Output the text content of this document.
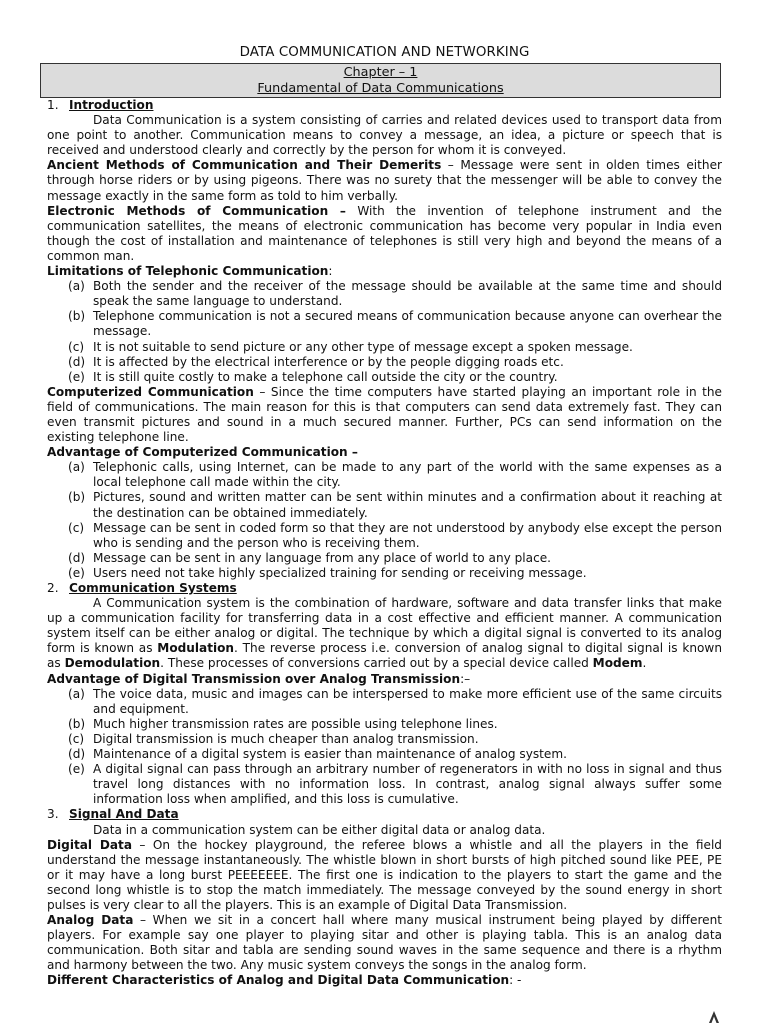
DATA COMMUNICATION AND NETWORKING
Chapter – 1
Fundamental of Data Communications
1. Introduction
Data Communication is a system consisting of carries and related devices used to transport data from one point to another. Communication means to convey a message, an idea, a picture or speech that is received and understood clearly and correctly by the person for whom it is conveyed.
Ancient Methods of Communication and Their Demerits – Message were sent in olden times either through horse riders or by using pigeons. There was no surety that the messenger will be able to convey the message exactly in the same form as told to him verbally.
Electronic Methods of Communication – With the invention of telephone instrument and the communication satellites, the means of electronic communication has become very popular in India even though the cost of installation and maintenance of telephones is still very high and beyond the means of a common man.
Limitations of Telephonic Communication:
(a) Both the sender and the receiver of the message should be available at the same time and should speak the same language to understand.
(b) Telephone communication is not a secured means of communication because anyone can overhear the message.
(c) It is not suitable to send picture or any other type of message except a spoken message.
(d) It is affected by the electrical interference or by the people digging roads etc.
(e) It is still quite costly to make a telephone call outside the city or the country.
Computerized Communication – Since the time computers have started playing an important role in the field of communications. The main reason for this is that computers can send data extremely fast. They can even transmit pictures and sound in a much secured manner. Further, PCs can send information on the existing telephone line.
Advantage of Computerized Communication –
(a) Telephonic calls, using Internet, can be made to any part of the world with the same expenses as a local telephone call made within the city.
(b) Pictures, sound and written matter can be sent within minutes and a confirmation about it reaching at the destination can be obtained immediately.
(c) Message can be sent in coded form so that they are not understood by anybody else except the person who is sending and the person who is receiving them.
(d) Message can be sent in any language from any place of world to any place.
(e) Users need not take highly specialized training for sending or receiving message.
2. Communication Systems
A Communication system is the combination of hardware, software and data transfer links that make up a communication facility for transferring data in a cost effective and efficient manner. A communication system itself can be either analog or digital. The technique by which a digital signal is converted to its analog form is known as Modulation. The reverse process i.e. conversion of analog signal to digital signal is known as Demodulation. These processes of conversions carried out by a special device called Modem.
Advantage of Digital Transmission over Analog Transmission:–
(a) The voice data, music and images can be interspersed to make more efficient use of the same circuits and equipment.
(b) Much higher transmission rates are possible using telephone lines.
(c) Digital transmission is much cheaper than analog transmission.
(d) Maintenance of a digital system is easier than maintenance of analog system.
(e) A digital signal can pass through an arbitrary number of regenerators in with no loss in signal and thus travel long distances with no information loss. In contrast, analog signal always suffer some information loss when amplified, and this loss is cumulative.
3. Signal And Data
Data in a communication system can be either digital data or analog data.
Digital Data – On the hockey playground, the referee blows a whistle and all the players in the field understand the message instantaneously. The whistle blown in short bursts of high pitched sound like PEE, PE or it may have a long burst PEEEEEEE. The first one is indication to the players to start the game and the second long whistle is to stop the match immediately. The message conveyed by the sound energy in short pulses is very clear to all the players. This is an example of Digital Data Transmission.
Analog Data – When we sit in a concert hall where many musical instrument being played by different players. For example say one player to playing sitar and other is playing tabla. This is an analog data communication. Both sitar and tabla are sending sound waves in the same sequence and there is a rhythm and harmony between the two. Any music system conveys the songs in the analog form.
Different Characteristics of Analog and Digital Data Communication: -
